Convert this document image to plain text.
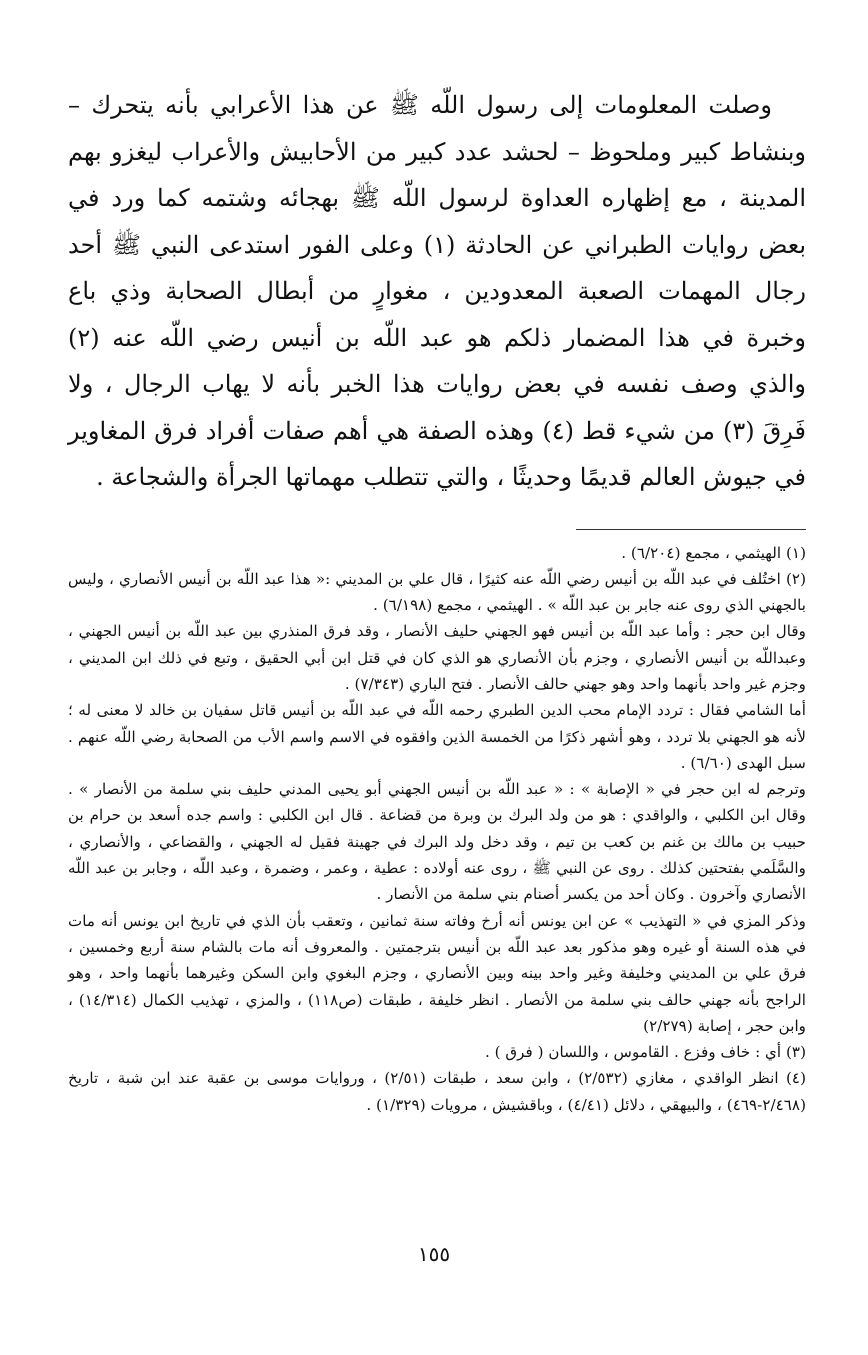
وصلت المعلومات إلى رسول اللّه ﷺ عن هذا الأعرابي بأنه يتحرك – وبنشاط كبير وملحوظ – لحشد عدد كبير من الأحابيش والأعراب ليغزو بهم المدينة ، مع إظهاره العداوة لرسول اللّه ﷺ بهجائه وشتمه كما ورد في بعض روايات الطبراني عن الحادثة (١) وعلى الفور استدعى النبي ﷺ أحد رجال المهمات الصعبة المعدودين ، مغوارٍ من أبطال الصحابة وذي باع وخبرة في هذا المضمار ذلكم هو عبد اللّه بن أنيس رضي اللّه عنه (٢) والذي وصف نفسه في بعض روايات هذا الخبر بأنه لا يهاب الرجال ، ولا فَرِقَ (٣) من شيء قط (٤) وهذه الصفة هي أهم صفات أفراد فرق المغاوير في جيوش العالم قديمًا وحديثًا ، والتي تتطلب مهماتها الجرأة والشجاعة .

(١) الهيثمي ، مجمع (٦/٢٠٤) .

(٢) اختُلف في عبد اللّه بن أنيس رضي اللّه عنه كثيرًا ، قال علي بن المديني :« هذا عبد اللّه بن أنيس الأنصاري ، وليس بالجهني الذي روى عنه جابر بن عبد اللّه » . الهيثمي ، مجمع (٦/١٩٨) .

وقال ابن حجر : وأما عبد اللّه بن أنيس فهو الجهني حليف الأنصار ، وقد فرق المنذري بين عبد اللّه بن أنيس الجهني ، وعبداللّه بن أنيس الأنصاري ، وجزم بأن الأنصاري هو الذي كان في قتل ابن أبي الحقيق ، وتبع في ذلك ابن المديني ، وجزم غير واحد بأنهما واحد وهو جهني حالف الأنصار . فتح الباري (٧/٣٤٣) .

أما الشامي فقال : تردد الإمام محب الدين الطبري رحمه اللّه في عبد اللّه بن أنيس قاتل سفيان بن خالد لا معنى له ؛ لأنه هو الجهني بلا تردد ، وهو أشهر ذكرًا من الخمسة الذين وافقوه في الاسم واسم الأب من الصحابة رضي اللّه عنهم . سبل الهدى (٦/٦٠) .

وترجم له ابن حجر في « الإصابة » : « عبد اللّه بن أنيس الجهني أبو يحيى المدني حليف بني سلمة من الأنصار » . وقال ابن الكلبي ، والواقدي : هو من ولد البرك بن وبرة من قضاعة . قال ابن الكلبي : واسم جده أسعد بن حرام بن حبيب بن مالك بن غنم بن كعب بن تيم ، وقد دخل ولد البرك في جهينة فقيل له الجهني ، والقضاعي ، والأنصاري ، والسَّلَمي بفتحتين كذلك . روى عن النبي ﷺ ، روى عنه أولاده : عطية ، وعمر ، وضمرة ، وعبد اللّه ، وجابر بن عبد اللّه الأنصاري وآخرون . وكان أحد من يكسر أصنام بني سلمة من الأنصار .

وذكر المزي في « التهذيب » عن ابن يونس أنه أرخ وفاته سنة ثمانين ، وتعقب بأن الذي في تاريخ ابن يونس أنه مات في هذه السنة أو غيره وهو مذكور بعد عبد اللّه بن أنيس بترجمتين . والمعروف أنه مات بالشام سنة أربع وخمسين ، فرق علي بن المديني وخليفة وغير واحد بينه وبين الأنصاري ، وجزم البغوي وابن السكن وغيرهما بأنهما واحد ، وهو الراجح بأنه جهني حالف بني سلمة من الأنصار . انظر خليفة ، طبقات (ص١١٨) ، والمزي ، تهذيب الكمال (١٤/٣١٤) ، وابن حجر ، إصابة (٢/٢٧٩)

(٣) أي : خاف وفزع . القاموس ، واللسان ( فرق ) .

(٤) انظر الواقدي ، مغازي (٢/٥٣٢) ، وابن سعد ، طبقات (٢/٥١) ، وروايات موسى بن عقبة عند ابن شبة ، تاريخ (٢/٤٦٨-٤٦٩) ، والبيهقي ، دلائل (٤/٤١) ، وباقشيش ، مرويات (١/٣٢٩) .

١٥٥
